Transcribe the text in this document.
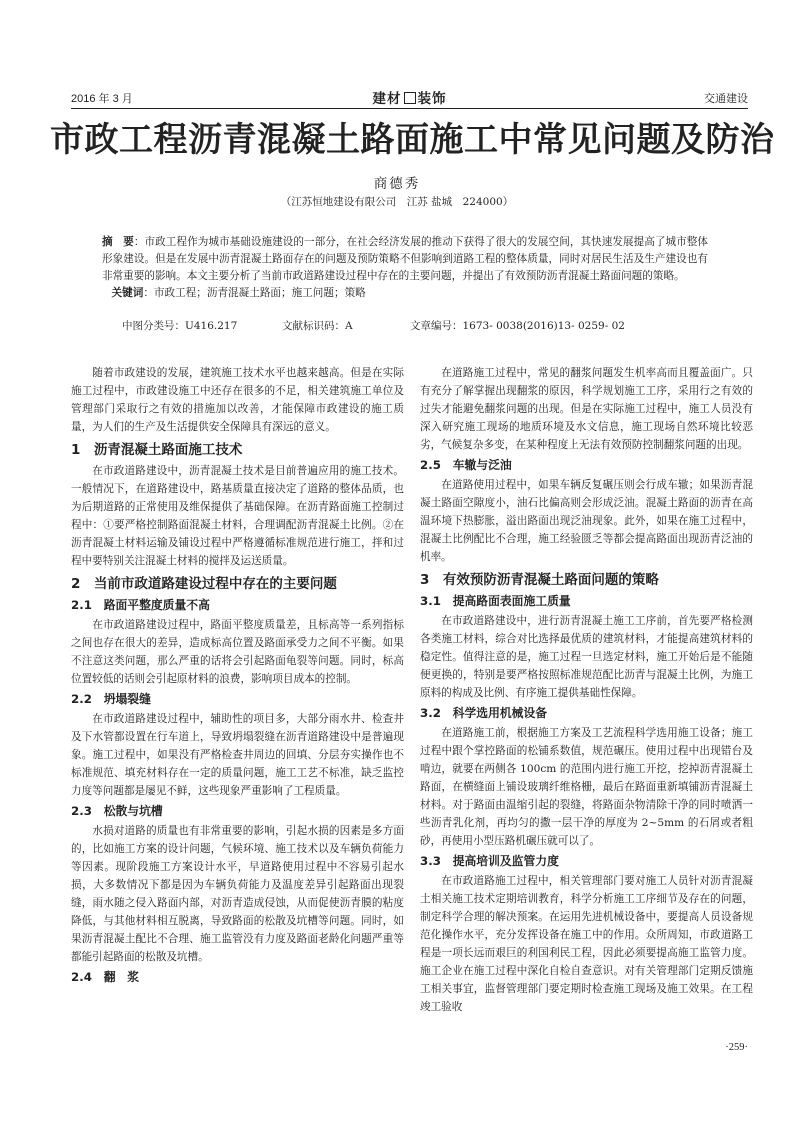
2016 年 3 月	建材 装饰	交通建设
市政工程沥青混凝土路面施工中常见问题及防治
商德秀
（江苏恒地建设有限公司　江苏 盐城　224000）

摘　要：市政工程作为城市基础设施建设的一部分，在社会经济发展的推动下获得了很大的发展空间，其快速发展提高了城市整体形象建设。但是在发展中沥青混凝土路面存在的问题及预防策略不但影响到道路工程的整体质量，同时对居民生活及生产建设也有非常重要的影响。本文主要分析了当前市政道路建设过程中存在的主要问题，并提出了有效预防沥青混凝土路面问题的策略。

关键词：市政工程；沥青混凝土路面；施工问题；策略

中图分类号：U416.217	文献标识码：A	文章编号：1673- 0038(2016)13- 0259- 02

随着市政建设的发展，建筑施工技术水平也越来越高。但是在实际施工过程中，市政建设施工中还存在很多的不足，相关建筑施工单位及管理部门采取行之有效的措施加以改善，才能保障市政建设的施工质量，为人们的生产及生活提供安全保障具有深远的意义。

1　沥青混凝土路面施工技术

在市政道路建设中，沥青混凝土技术是目前普遍应用的施工技术。一般情况下，在道路建设中，路基质量直接决定了道路的整体品质，也为后期道路的正常使用及维保提供了基础保障。在沥青路面施工控制过程中：①要严格控制路面混凝土材料，合理调配沥青混凝土比例。②在沥青混凝土材料运输及铺设过程中严格遵循标准规范进行施工，拌和过程中要特别关注混凝土材料的搅拌及运送质量。

2　当前市政道路建设过程中存在的主要问题
2.1　路面平整度质量不高

在市政道路建设过程中，路面平整度质量差，且标高等一系列指标之间也存在很大的差异，造成标高位置及路面承受力之间不平衡。如果不注意这类问题，那么严重的话将会引起路面龟裂等问题。同时，标高位置较低的话则会引起原材料的浪费，影响项目成本的控制。

2.2　坍塌裂缝

在市政道路建设过程中，辅助性的项目多，大部分雨水井、检查井及下水管都设置在行车道上，导致坍塌裂缝在沥青道路建设中是普遍现象。施工过程中，如果没有严格检查井周边的回填、分层夯实操作也不标准规范、填充材料存在一定的质量问题，施工工艺不标准，缺乏监控力度等问题都是屡见不鲜，这些现象严重影响了工程质量。

2.3　松散与坑槽

水损对道路的质量也有非常重要的影响，引起水损的因素是多方面的，比如施工方案的设计问题，气候环境、施工技术以及车辆负荷能力等因素。现阶段施工方案设计水平，早道路使用过程中不容易引起水损，大多数情况下都是因为车辆负荷能力及温度差异引起路面出现裂缝，雨水随之侵入路面内部，对沥青造成侵蚀，从而促使沥青膜的粘度降低，与其他材料相互脱离，导致路面的松散及坑槽等问题。同时，如果沥青混凝土配比不合理、施工监管没有力度及路面老龄化问题严重等都能引起路面的松散及坑槽。

2.4　翻　浆

在道路施工过程中，常见的翻浆问题发生机率高而且覆盖面广。只有充分了解掌握出现翻浆的原因，科学规划施工工序，采用行之有效的过失才能避免翻浆问题的出现。但是在实际施工过程中，施工人员没有深入研究施工现场的地质环境及水文信息，施工现场自然环境比较恶劣，气候复杂多变，在某种程度上无法有效预防控制翻浆问题的出现。

2.5　车辙与泛油

在道路使用过程中，如果车辆反复碾压则会行成车辙；如果沥青混凝土路面空隙度小，油石比偏高则会形成泛油。混凝土路面的沥青在高温环境下热膨胀，溢出路面出现泛油现象。此外，如果在施工过程中，混凝土比例配比不合理，施工经验匮乏等都会提高路面出现沥青泛油的机率。

3　有效预防沥青混凝土路面问题的策略
3.1　提高路面表面施工质量

在市政道路建设中，进行沥青混凝土施工工序前，首先要严格检测各类施工材料，综合对比选择最优质的建筑材料，才能提高建筑材料的稳定性。值得注意的是，施工过程一旦选定材料，施工开始后是不能随便更换的，特别是要严格按照标准规范配比沥青与混凝土比例，为施工原料的构成及比例、有序施工提供基础性保障。

3.2　科学选用机械设备

在道路施工前，根据施工方案及工艺流程科学选用施工设备；施工过程中跟个掌控路面的松铺系数值，规范碾压。使用过程中出现错台及啃边，就要在两侧各 100cm 的范围内进行施工开挖，挖掉沥青混凝土路面，在横缝面上铺设玻璃纤维格栅，最后在路面重新填铺沥青混凝土材料。对于路面由温缩引起的裂缝，将路面杂物清除干净的同时喷洒一些沥青乳化剂，再均匀的撒一层干净的厚度为 2~5mm 的石屑或者粗砂，再使用小型压路机碾压就可以了。

3.3　提高培训及监管力度

在市政道路施工过程中，相关管理部门要对施工人员针对沥青混凝土相关施工技术定期培训教育，科学分析施工工序细节及存在的问题，制定科学合理的解决预案。在运用先进机械设备中，要提高人员设备规范化操作水平，充分发挥设备在施工中的作用。众所周知，市政道路工程是一项长远而艰巨的利国利民工程，因此必须要提高施工监管力度。施工企业在施工过程中深化自检自查意识。对有关管理部门定期反馈施工相关事宜，监督管理部门要定期时检查施工现场及施工效果。在工程竣工验收

·259·
